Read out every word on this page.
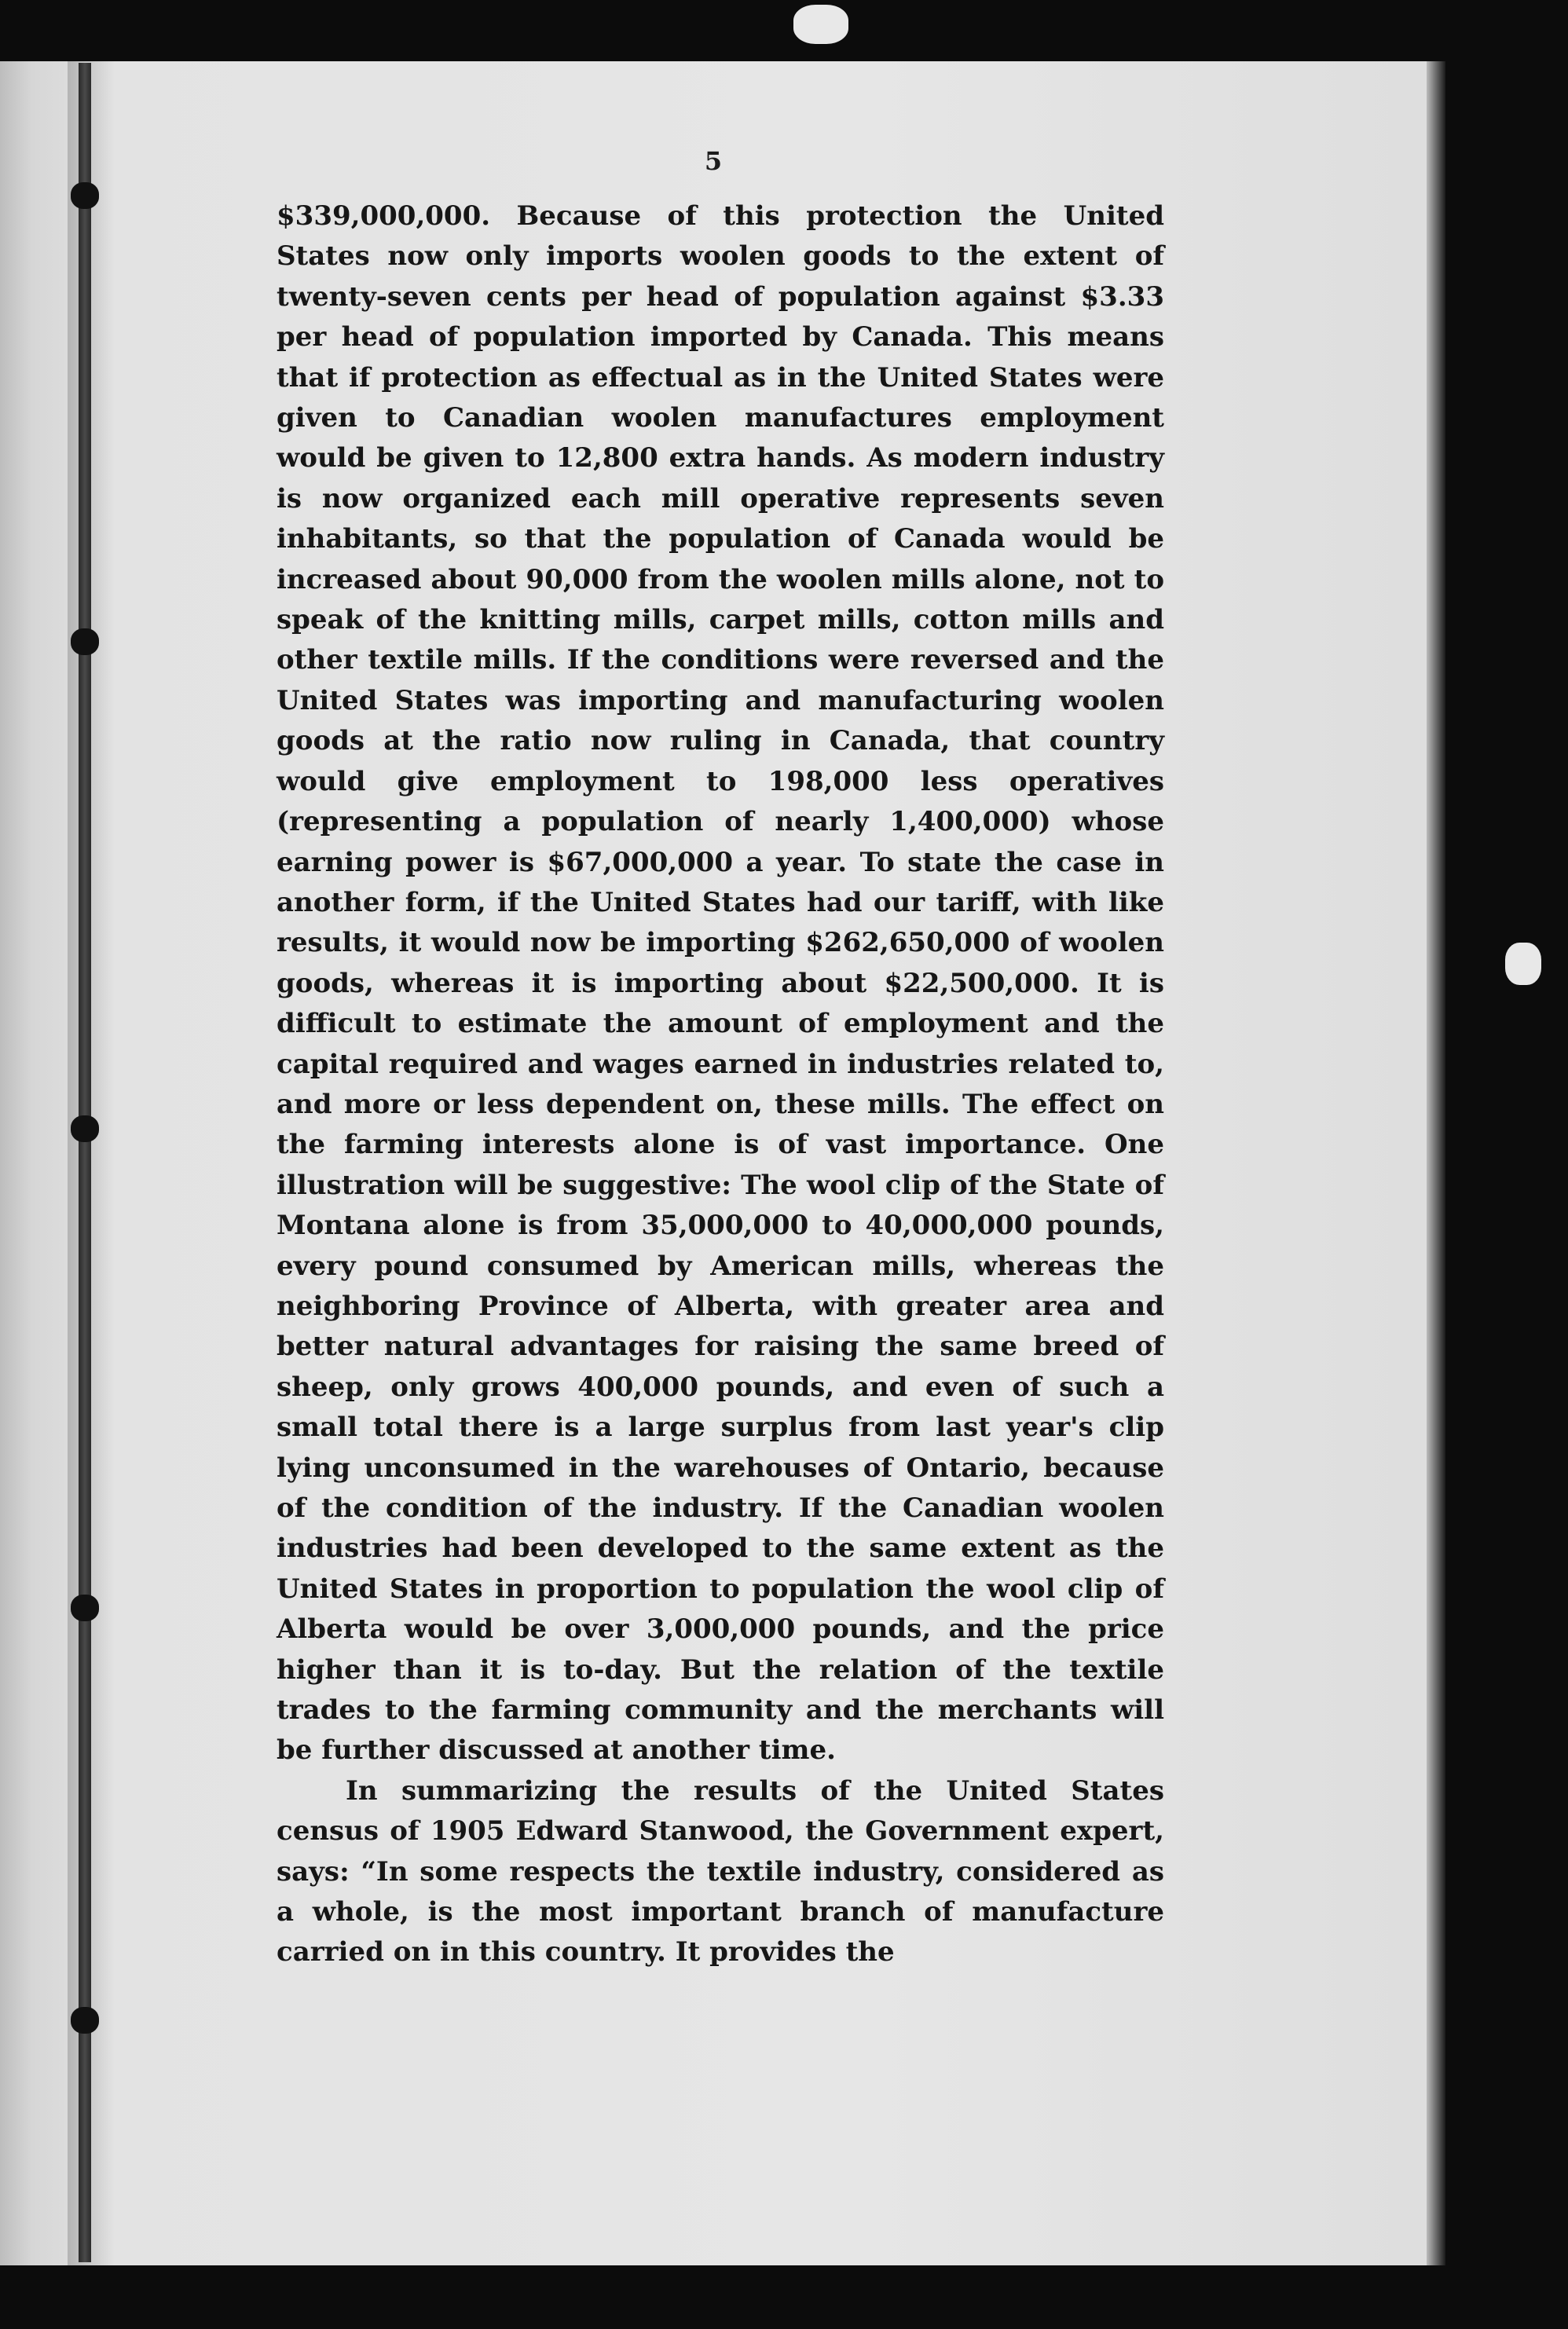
5

$339,000,000. Because of this protection the United States now only imports woolen goods to the extent of twenty-seven cents per head of population against $3.33 per head of population imported by Canada. This means that if protection as effectual as in the United States were given to Canadian woolen manufactures employment would be given to 12,800 extra hands. As modern industry is now organized each mill operative represents seven inhabitants, so that the population of Canada would be increased about 90,000 from the woolen mills alone, not to speak of the knitting mills, carpet mills, cotton mills and other textile mills. If the conditions were reversed and the United States was importing and manufacturing woolen goods at the ratio now ruling in Canada, that country would give employment to 198,000 less operatives (representing a population of nearly 1,400,000) whose earning power is $67,000,000 a year. To state the case in another form, if the United States had our tariff, with like results, it would now be importing $262,650,000 of woolen goods, whereas it is importing about $22,500,000. It is difficult to estimate the amount of employment and the capital required and wages earned in industries related to, and more or less dependent on, these mills. The effect on the farming interests alone is of vast importance. One illustration will be suggestive: The wool clip of the State of Montana alone is from 35,000,000 to 40,000,000 pounds, every pound consumed by American mills, whereas the neighboring Province of Alberta, with greater area and better natural advantages for raising the same breed of sheep, only grows 400,000 pounds, and even of such a small total there is a large surplus from last year's clip lying unconsumed in the warehouses of Ontario, because of the condition of the industry. If the Canadian woolen industries had been developed to the same extent as the United States in proportion to population the wool clip of Alberta would be over 3,000,000 pounds, and the price higher than it is to-day. But the relation of the textile trades to the farming community and the merchants will be further discussed at another time.

In summarizing the results of the United States census of 1905 Edward Stanwood, the Government expert, says: “In some respects the textile industry, considered as a whole, is the most important branch of manufacture carried on in this country. It provides the
